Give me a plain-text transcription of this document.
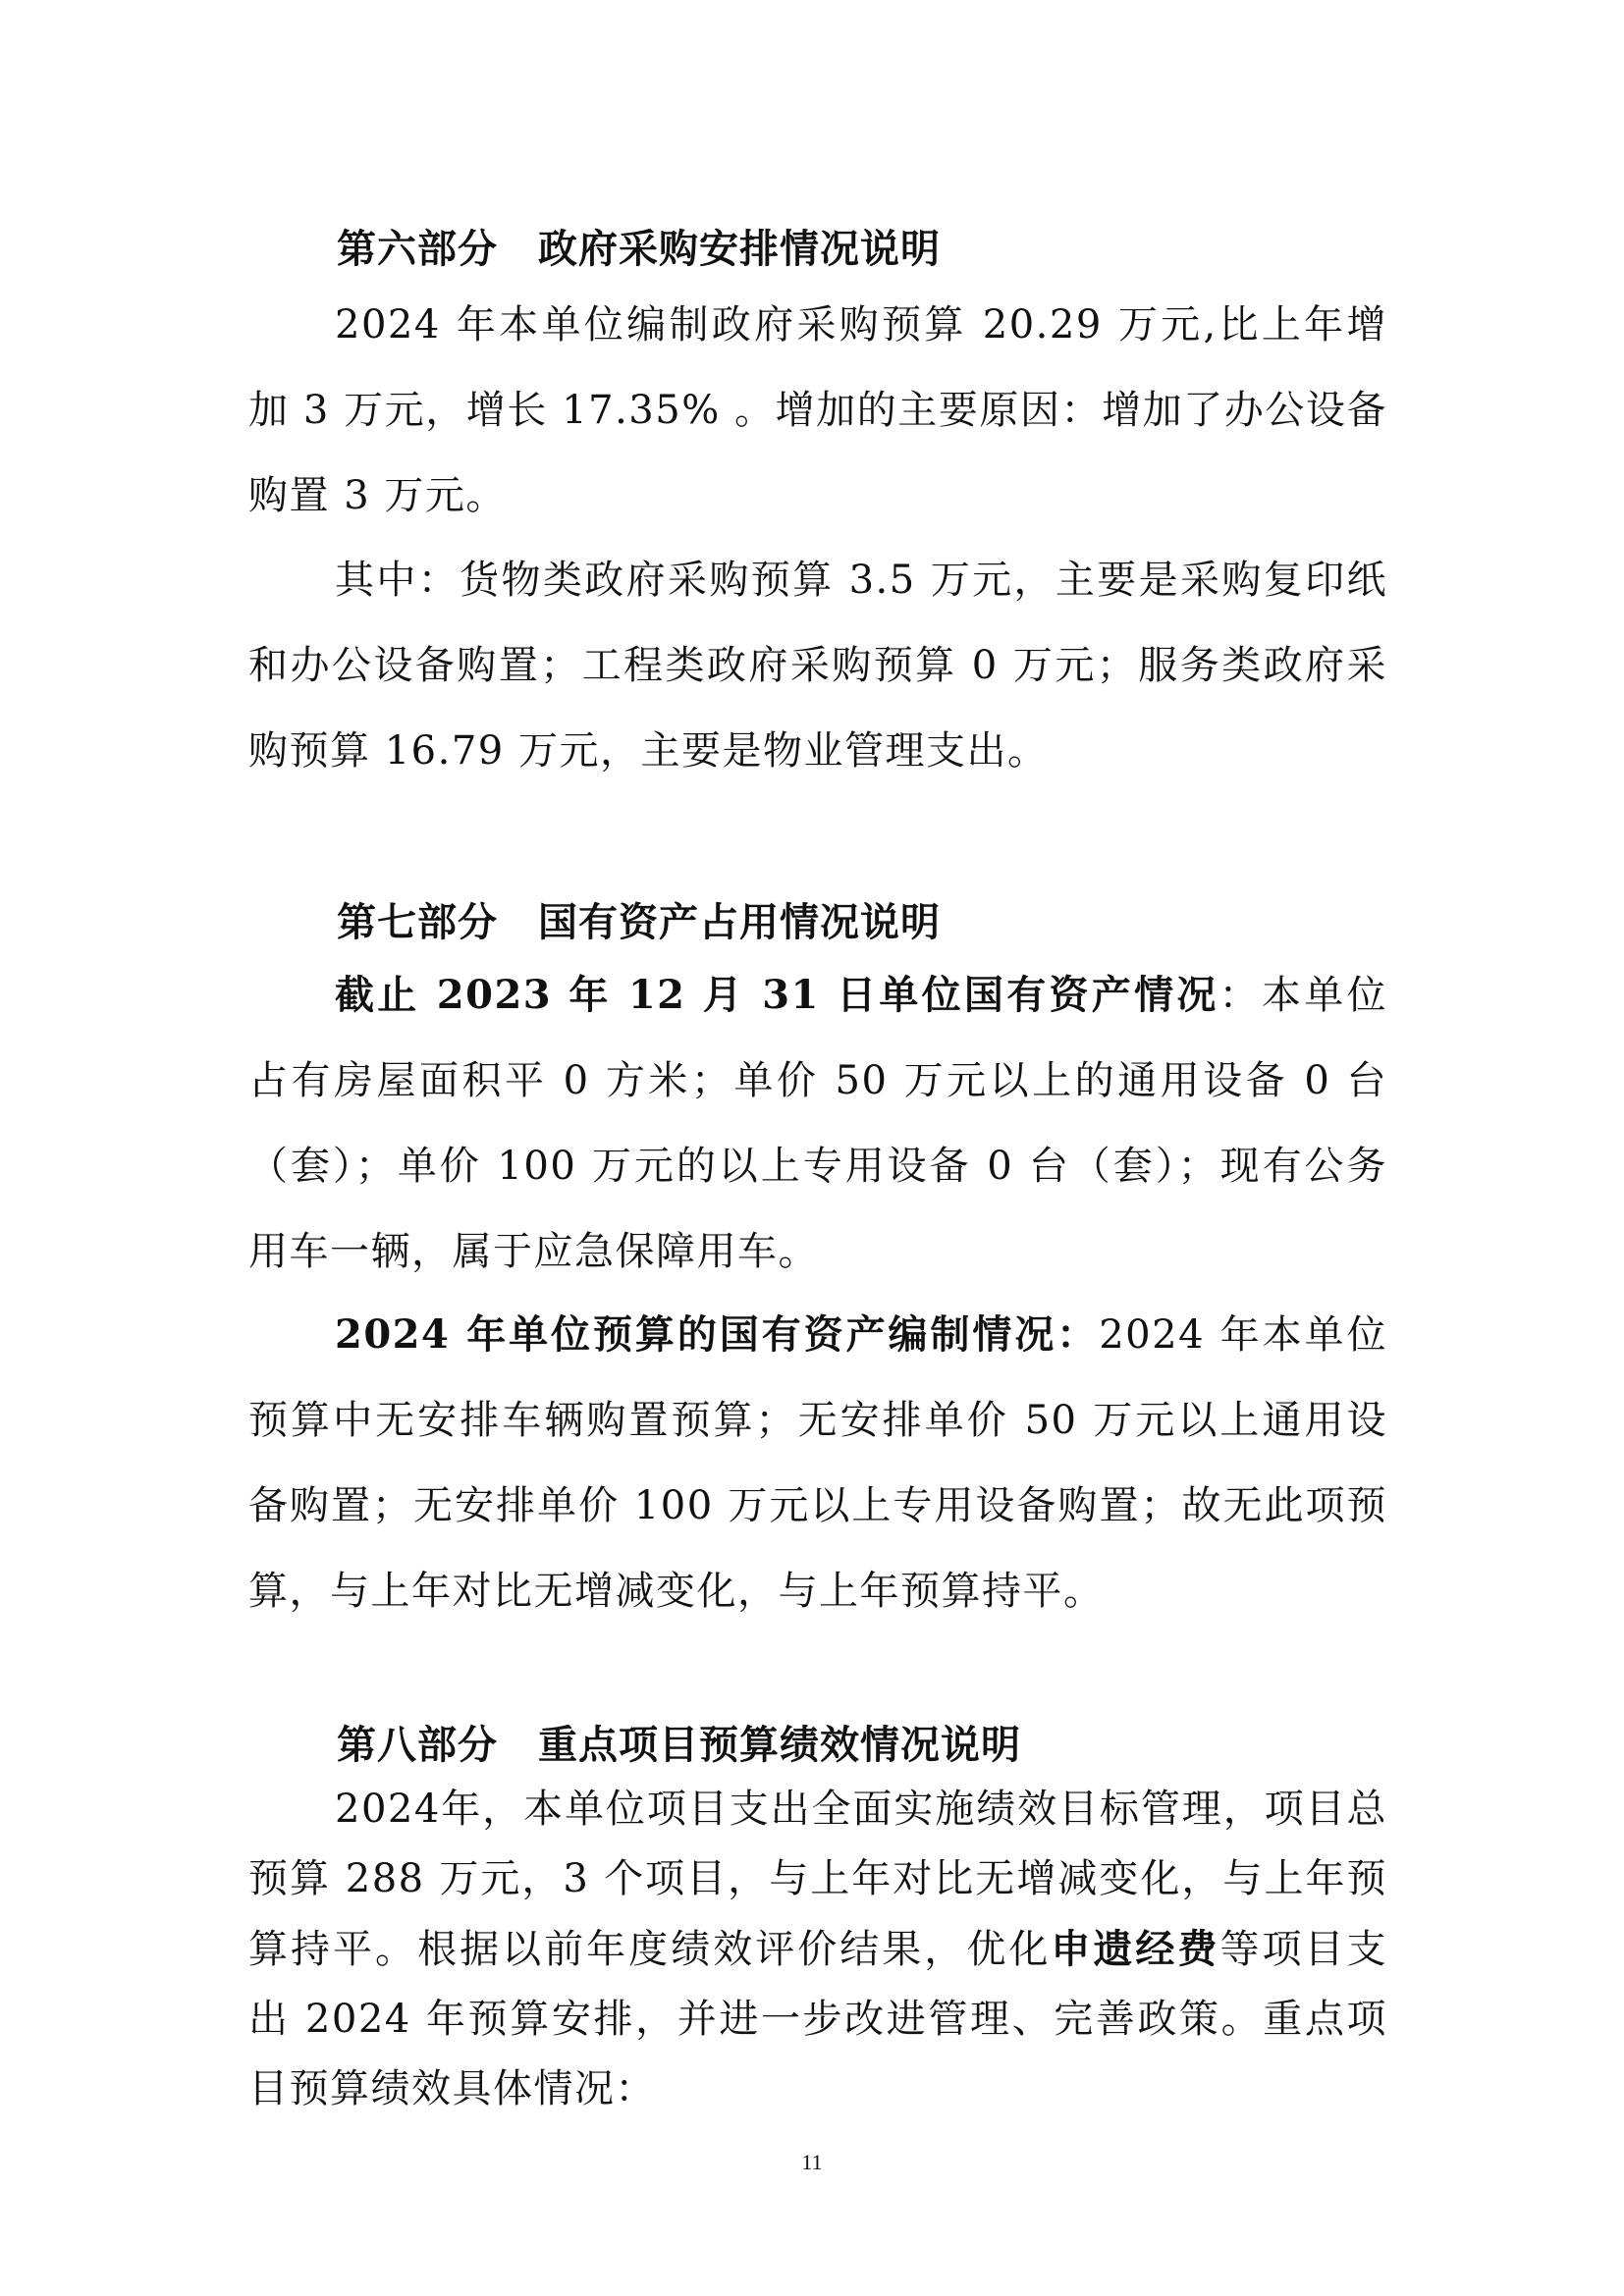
第六部分　政府采购安排情况说明
2024 年本单位编制政府采购预算 20.29 万元,比上年增加 3 万元，增长 17.35% 。增加的主要原因：增加了办公设备购置 3 万元。
其中：货物类政府采购预算 3.5 万元，主要是采购复印纸和办公设备购置；工程类政府采购预算 0 万元；服务类政府采购预算 16.79 万元，主要是物业管理支出。
第七部分　国有资产占用情况说明
截止 2023 年 12 月 31 日单位国有资产情况：本单位占有房屋面积平 0 方米；单价 50 万元以上的通用设备 0 台（套）；单价 100 万元的以上专用设备 0 台（套）；现有公务用车一辆，属于应急保障用车。
2024 年单位预算的国有资产编制情况：2024 年本单位预算中无安排车辆购置预算；无安排单价 50 万元以上通用设备购置；无安排单价 100 万元以上专用设备购置；故无此项预算，与上年对比无增减变化，与上年预算持平。
第八部分　重点项目预算绩效情况说明
2024年，本单位项目支出全面实施绩效目标管理，项目总预算 288 万元，3 个项目，与上年对比无增减变化，与上年预算持平。根据以前年度绩效评价结果，优化申遗经费等项目支出 2024 年预算安排，并进一步改进管理、完善政策。重点项目预算绩效具体情况：
11
